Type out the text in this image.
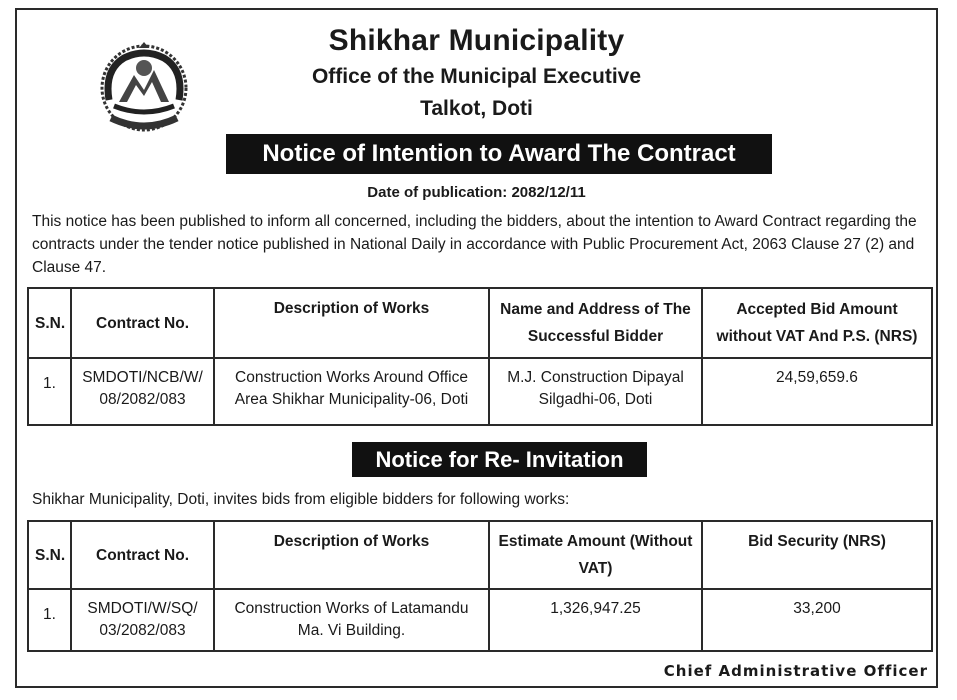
Shikhar Municipality
Office of the Municipal Executive
Talkot, Doti
Notice of Intention to Award The Contract
Date of publication: 2082/12/11
This notice has been published to inform all concerned, including the bidders, about the intention to Award Contract regarding the contracts under the tender notice published in National Daily in accordance with Public Procurement Act, 2063 Clause 27 (2) and Clause 47.
S.N.	Contract No.	Description of Works	Name and Address of The Successful Bidder	Accepted Bid Amount without VAT And P.S. (NRS)
1.	SMDOTI/NCB/W/ 08/2082/083	Construction Works Around Office Area Shikhar Municipality-06, Doti	M.J. Construction Dipayal Silgadhi-06, Doti	24,59,659.6
Notice for Re- Invitation
Shikhar Municipality, Doti, invites bids from eligible bidders for following works:
S.N.	Contract No.	Description of Works	Estimate Amount (Without VAT)	Bid Security (NRS)
1.	SMDOTI/W/SQ/ 03/2082/083	Construction Works of Latamandu Ma. Vi Building.	1,326,947.25	33,200
Chief Administrative Officer
